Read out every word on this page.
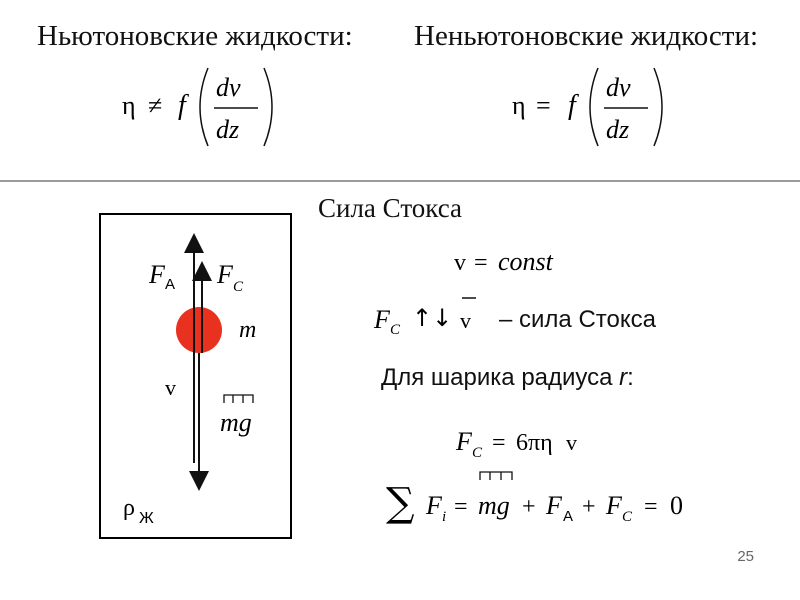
Ньютоновские жидкости: Неньютоновские жидкости:
η ≠ f
dv
dz
η = f
dv
dz
F A F C
m
v
mg
ρ Ж
Сила Стокса
v = const
F C ↑↓ v – сила Стокса
Для шарика радиуса r:
F C = 6πη v
∑ F i = mg + F A + F C = 0
25
